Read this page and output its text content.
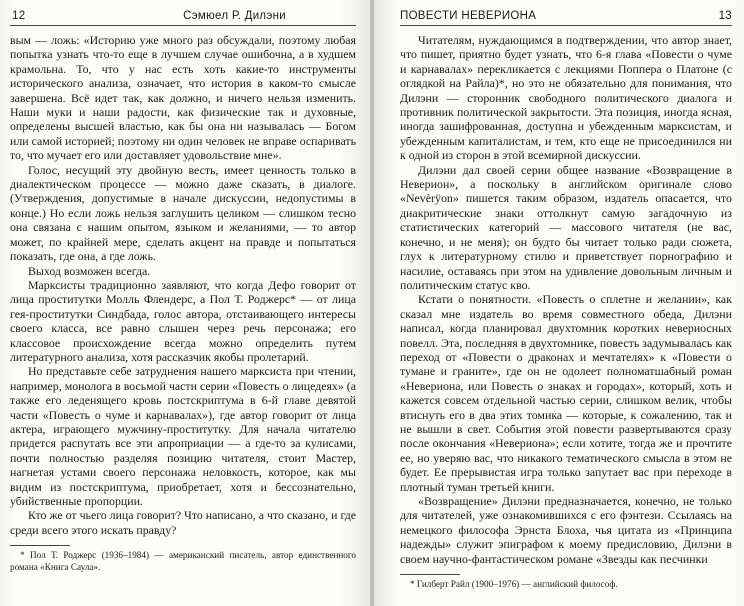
12	Сэмюел Р. Дилэни

вым — ложь: «Историю уже много раз обсуждали, поэтому любая попытка узнать что-то еще в лучшем случае ошибочна, а в худшем крамольна. То, что у нас есть хоть какие-то инструменты исторического анализа, означает, что история в каком-то смысле завершена. Всё идет так, как должно, и ничего нельзя изменить. Наши муки и наши радости, как физические так и духовные, определены высшей властью, как бы она ни называлась — Богом или самой историей; поэтому ни один человек не вправе оспаривать то, что мучает его или доставляет удовольствие мне».

Голос, несущий эту двойную весть, имеет ценность только в диалектическом процессе — можно даже сказать, в диалоге. (Утверждения, допустимые в начале дискуссии, недопустимы в конце.) Но если ложь нельзя заглушить целиком — слишком тесно она связана с нашим опытом, языком и желаниями, — то автор может, по крайней мере, сделать акцент на правде и попытаться показать, где она, а где ложь.

Выход возможен всегда.

Марксисты традиционно заявляют, что когда Дефо говорит от лица проститутки Молль Флендерс, а Пол Т. Роджерс* — от лица гея-проститутки Синдбада, голос автора, отстаивающего интересы своего класса, все равно слышен через речь персонажа; его классовое происхождение всегда можно определить путем литературного анализа, хотя рассказчик якобы пролетарий.

Но представьте себе затруднения нашего марксиста при чтении, например, монолога в восьмой части серии «Повесть о лицедеях» (а также его леденящего кровь постскриптума в 6-й главе девятой части «Повесть о чуме и карнавалах»), где автор говорит от лица актера, играющего мужчину-проститутку. Для начала читателю придется распутать все эти апроприации — а где-то за кулисами, почти полностью разделяя позицию читателя, стоит Мастер, нагнетая устами своего персонажа неловкость, которое, как мы видим из постскриптума, приобретает, хотя и бессознательно, убийственные пропорции.

Кто же от чьего лица говорит? Что написано, а что сказано, и где среди всего этого искать правду?

* Пол Т. Роджерс (1936–1984) — американский писатель, автор единственного романа «Книга Саула».

ПОВЕСТИ НЕВЕРИОНА	13

Читателям, нуждающимся в подтверждении, что автор знает, что пишет, приятно будет узнать, что 6-я глава «Повести о чуме и карнавалах» перекликается с лекциями Поппера о Платоне (с оглядкой на Райла)*, но это не обязательно для понимания, что Дилэни — сторонник свободного политического диалога и противник политической закрытости. Эта позиция, иногда ясная, иногда зашифрованная, доступна и убежденным марксистам, и убежденным капиталистам, и тем, кто еще не присоединился ни к одной из сторон в этой всемирной дискуссии.

Дилэни дал своей серии общее название «Возвращение в Неверион», а поскольку в английском оригинале слово «Nevèrÿon» пишется таким образом, издатель опасается, что диакритические знаки оттолкнут самую загадочную из статистических категорий — массового читателя (не вас, конечно, и не меня); он будто бы читает только ради сюжета, глух к литературному стилю и приветствует порнографию и насилие, оставаясь при этом на удивление довольным личным и политическим статус кво.

Кстати о понятности. «Повесть о сплетне и желании», как сказал мне издатель во время совместного обеда, Дилэни написал, когда планировал двухтомник коротких невериосных повелл. Эта, последняя в двухтомнике, повесть задумывалась как переход от «Повести о драконах и мечтателях» к «Повести о тумане и граните», где он не одолеет полноматшабный роман «Неверионa, или Повесть о знаках и городах», который, хоть и кажется совсем отдельной частью серии, слишком велик, чтобы втиснуть его в два этих томика — которые, к сожалению, так и не вышли в свет. События этой повести развертываются сразу после окончания «Невериона»; если хотите, тогда же и прочтите ее, но уверяю вас, что никакого тематического смысла в этом не будет. Ее прерывистая игра только запутает вас при переходе в плотный туман третьей книги.

«Возвращение» Дилэни предназначается, конечно, не только для читателей, уже ознакомившихся с его фэнтези. Ссылаясь на немецкого философа Эрнста Блоха, чья цитата из «Принципа надежды» служит эпиграфом к моему предисловию, Дилэни в своем научно-фантастическом романе «Звезды как песчинки

* Гилберт Райл (1900–1976) — английский философ.
